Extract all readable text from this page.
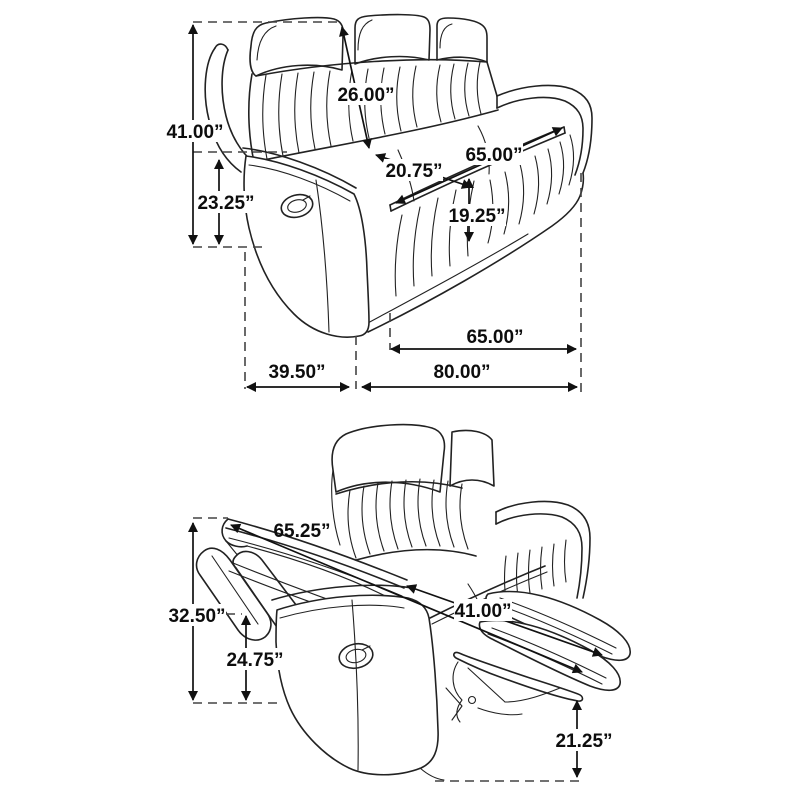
41.00”
26.00”
23.25”
20.75”
65.00”
19.25”
65.00”
39.50”	80.00”
32.50”
24.75”
65.25”
41.00”
21.25”
